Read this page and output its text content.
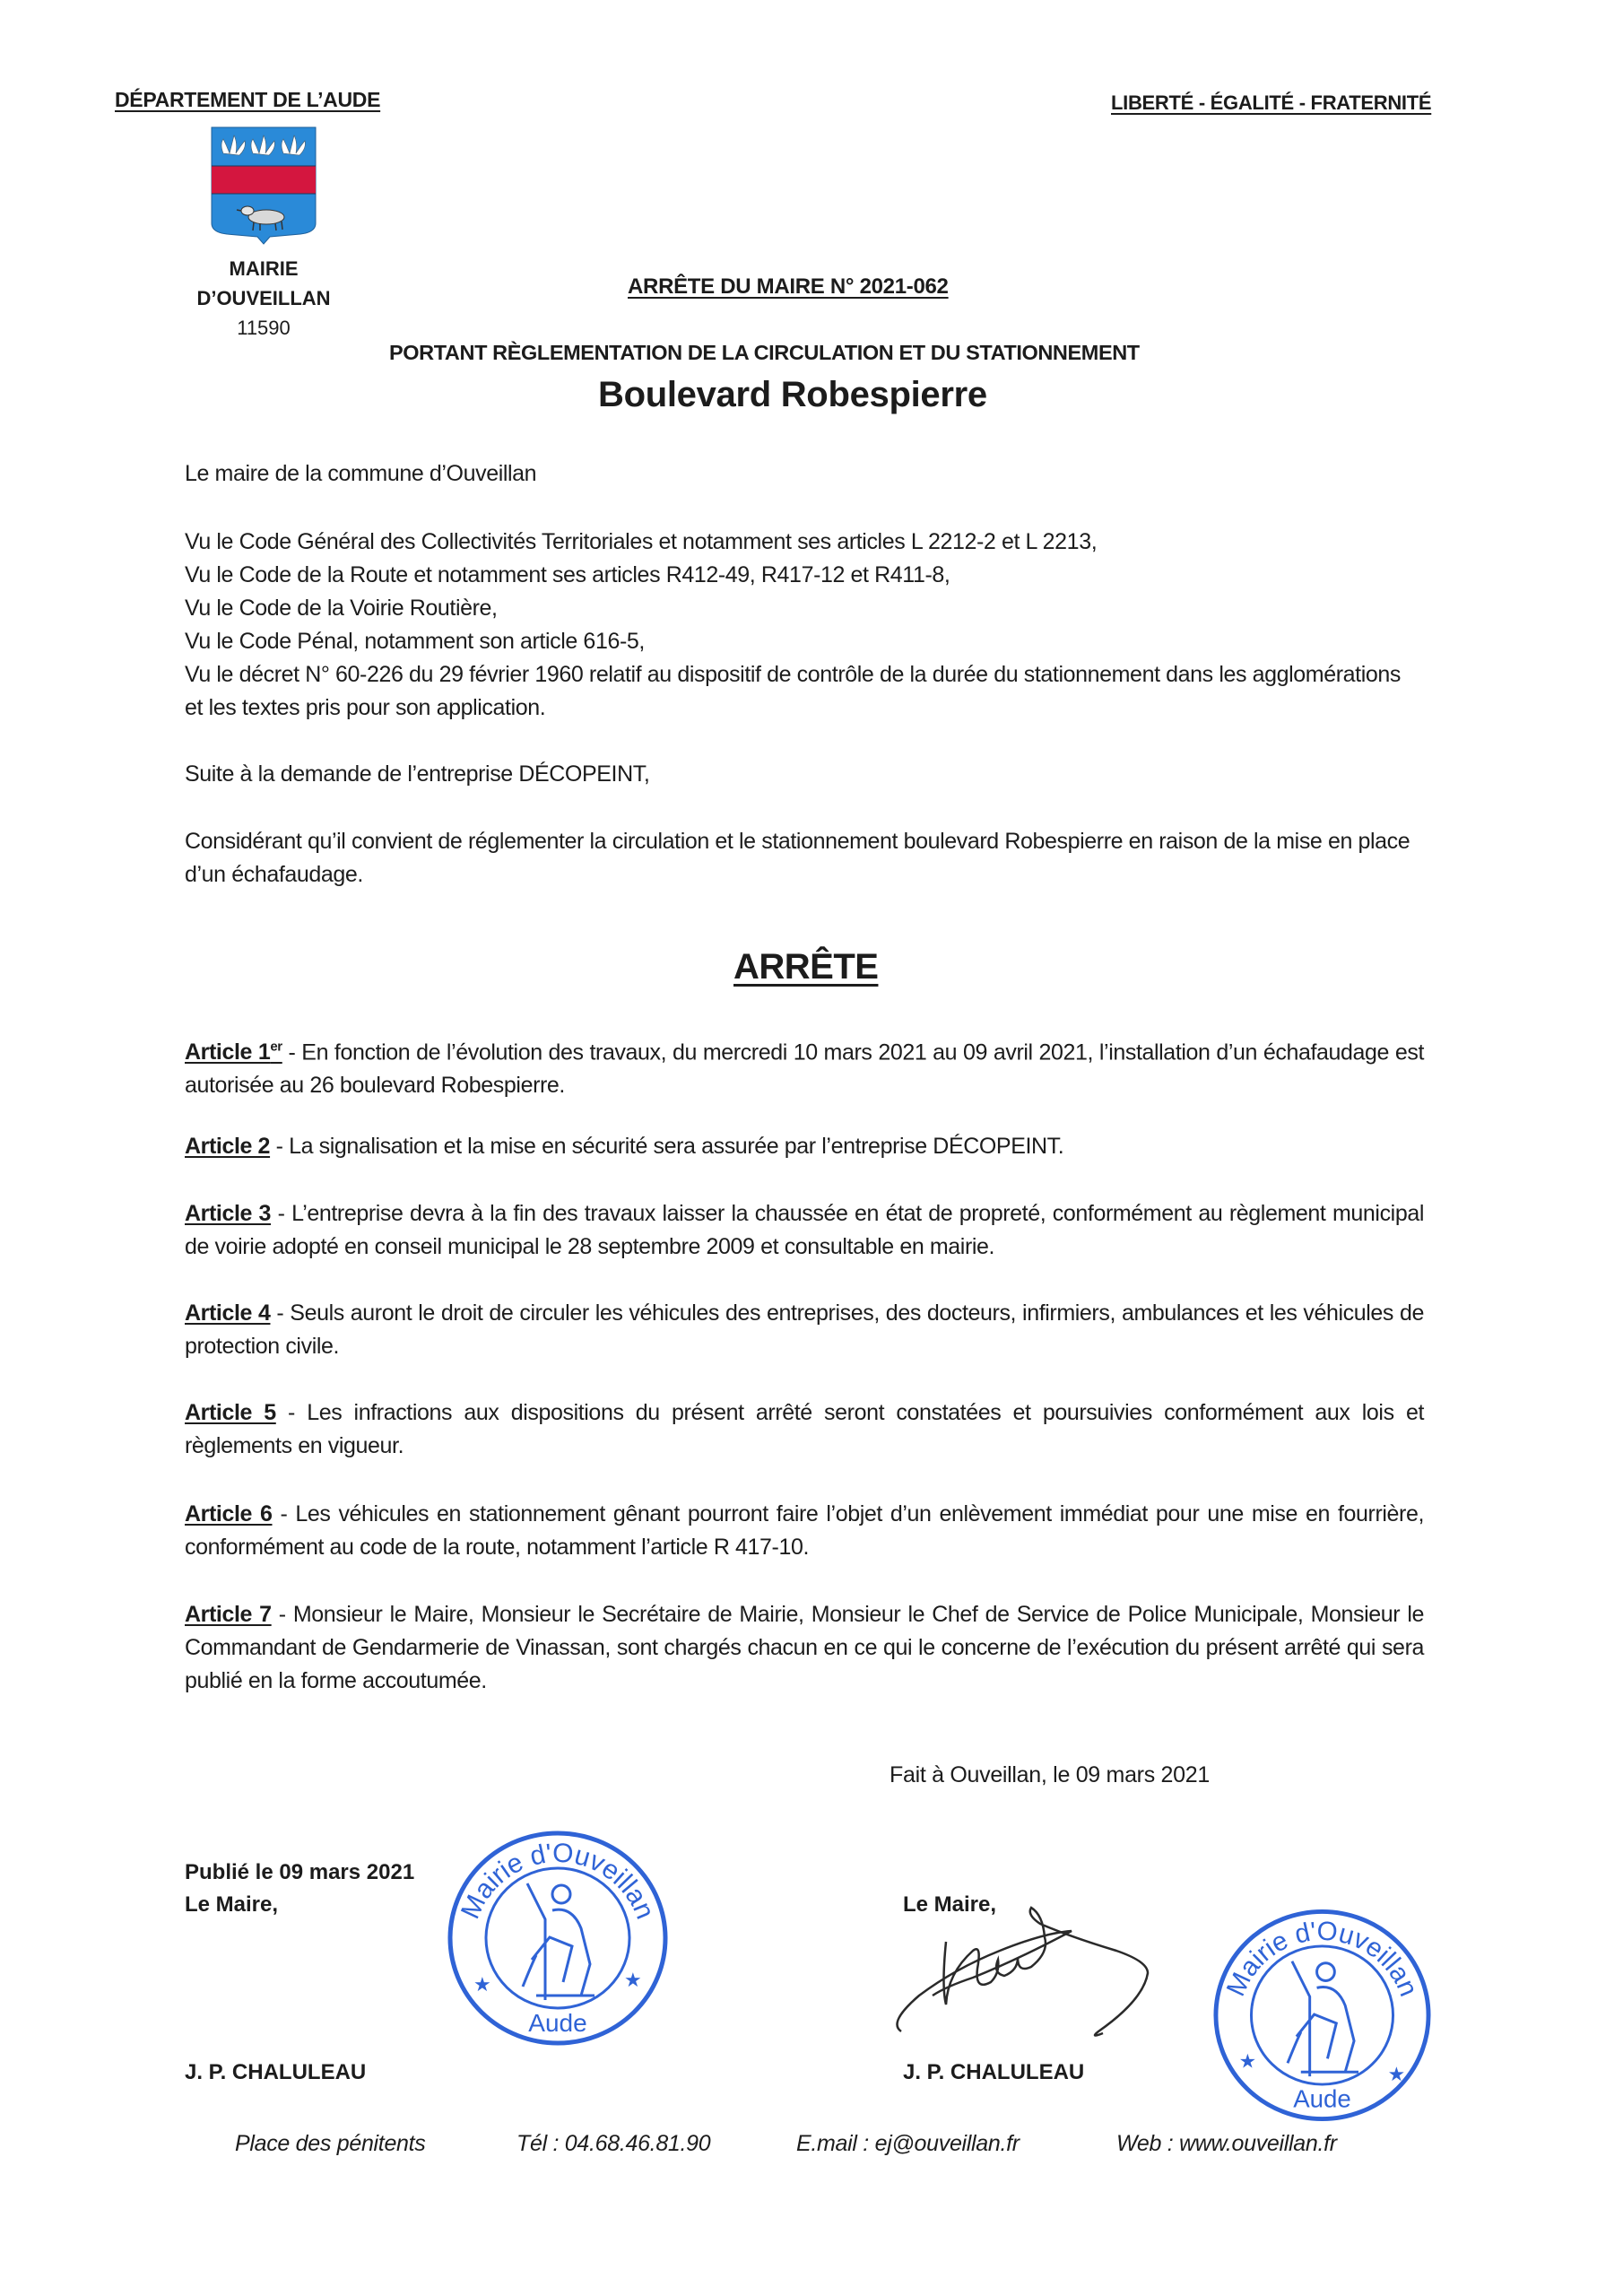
DÉPARTEMENT DE L’AUDE	LIBERTÉ - ÉGALITÉ - FRATERNITÉ
MAIRIE
D’OUVEILLAN
11590
ARRÊTE DU MAIRE N° 2021-062
PORTANT RÈGLEMENTATION DE LA CIRCULATION ET DU STATIONNEMENT
Boulevard Robespierre
Le maire de la commune d’Ouveillan
Vu le Code Général des Collectivités Territoriales et notamment ses articles L 2212-2 et L 2213,
Vu le Code de la Route et notamment ses articles R412-49, R417-12 et R411-8,
Vu le Code de la Voirie Routière,
Vu le Code Pénal, notamment son article 616-5,
Vu le décret N° 60-226 du 29 février 1960 relatif au dispositif de contrôle de la durée du stationnement dans les agglomérations et les textes pris pour son application.
Suite à la demande de l’entreprise DÉCOPEINT,
Considérant qu’il convient de réglementer la circulation et le stationnement boulevard Robespierre en raison de la mise en place d’un échafaudage.
ARRÊTE
Article 1er - En fonction de l’évolution des travaux, du mercredi 10 mars 2021 au 09 avril 2021, l’installation d’un échafaudage est autorisée au 26 boulevard Robespierre.
Article 2 - La signalisation et la mise en sécurité sera assurée par l’entreprise DÉCOPEINT.
Article 3 - L’entreprise devra à la fin des travaux laisser la chaussée en état de propreté, conformément au règlement municipal de voirie adopté en conseil municipal le 28 septembre 2009 et consultable en mairie.
Article 4 - Seuls auront le droit de circuler les véhicules des entreprises, des docteurs, infirmiers, ambulances et les véhicules de protection civile.
Article 5 - Les infractions aux dispositions du présent arrêté seront constatées et poursuivies conformément aux lois et règlements en vigueur.
Article 6 - Les véhicules en stationnement gênant pourront faire l’objet d’un enlèvement immédiat pour une mise en fourrière, conformément au code de la route, notamment l’article R 417-10.
Article 7 - Monsieur le Maire, Monsieur le Secrétaire de Mairie, Monsieur le Chef de Service de Police Municipale, Monsieur le Commandant de Gendarmerie de Vinassan, sont chargés chacun en ce qui le concerne de l’exécution du présent arrêté qui sera publié en la forme accoutumée.
Fait à Ouveillan, le 09 mars 2021
Publié le 09 mars 2021
Le Maire,
J. P. CHALULEAU
Le Maire,
J. P. CHALULEAU
Mairie d'Ouveillan
Aude
★	★	Mairie d'Ouveillan
Aude
★
★
Place des pénitents	Tél : 04.68.46.81.90	E.mail : ej@ouveillan.fr	Web : www.ouveillan.fr
